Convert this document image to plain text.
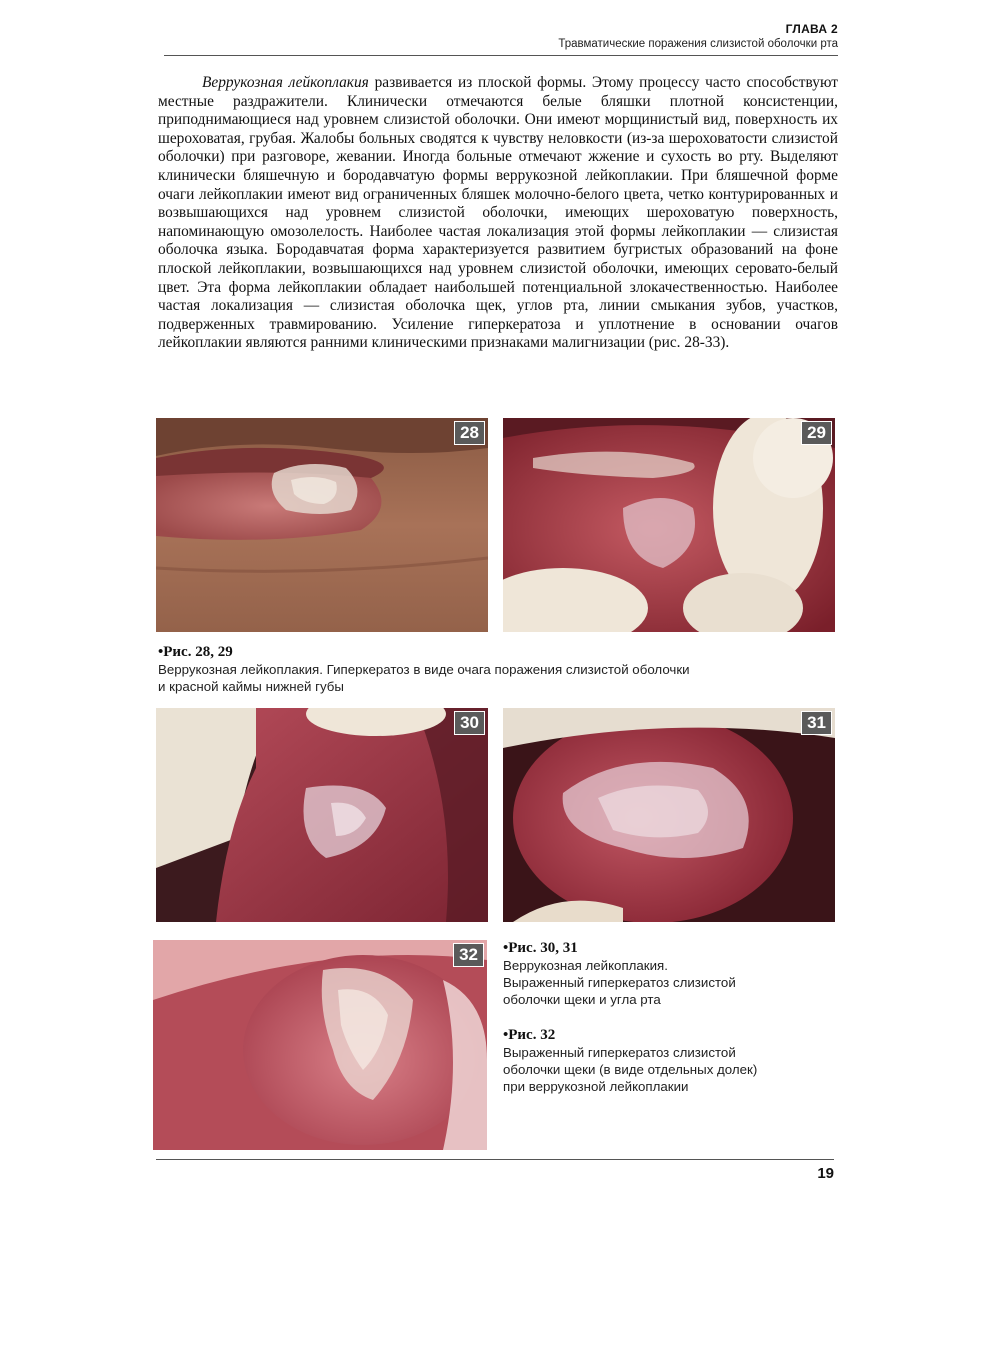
ГЛАВА 2
Травматические поражения слизистой оболочки рта

Веррукозная лейкоплакия развивается из плоской формы. Этому процессу часто способствуют местные раздражители. Клинически отмечаются белые бляшки плотной консистенции, приподнимающиеся над уровнем слизистой оболочки. Они имеют морщинистый вид, поверхность их шероховатая, грубая. Жалобы больных сводятся к чувству неловкости (из-за шероховатости слизистой оболочки) при разговоре, жевании. Иногда больные отмечают жжение и сухость во рту. Выделяют клинически бляшечную и бородавчатую формы веррукозной лейкоплакии. При бляшечной форме очаги лейкоплакии имеют вид ограниченных бляшек молочно-белого цвета, четко контурированных и возвышающихся над уровнем слизистой оболочки, имеющих шероховатую поверхность, напоминающую омозолелость. Наиболее частая локализация этой формы лейкоплакии — слизистая оболочка языка. Бородавчатая форма характеризуется развитием бугристых образований на фоне плоской лейкоплакии, возвышающихся над уровнем слизистой оболочки, имеющих серовато-белый цвет. Эта форма лейкоплакии обладает наибольшей потенциальной злокачественностью. Наиболее частая локализация — слизистая оболочка щек, углов рта, линии смыкания зубов, участков, подверженных травмированию. Усиление гиперкератоза и уплотнение в основании очагов лейкоплакии являются ранними клиническими признаками малигнизации (рис. 28-33).

28	29
•Рис. 28, 29
Веррукозная лейкоплакия. Гиперкератоз в виде очага поражения слизистой оболочки
и красной каймы нижней губы
30	31
32	•Рис. 30, 31
Веррукозная лейкоплакия.
Выраженный гиперкератоз слизистой
оболочки щеки и угла рта
•Рис. 32
Выраженный гиперкератоз слизистой
оболочки щеки (в виде отдельных долек)
при веррукозной лейкоплакии
19
